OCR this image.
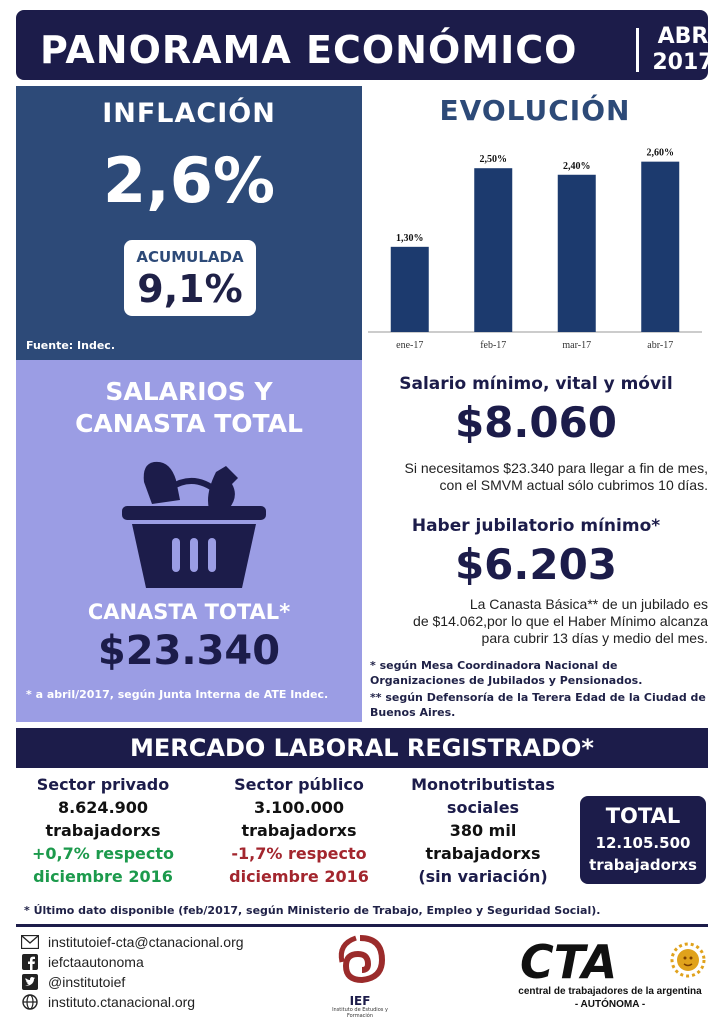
PANORAMA ECONÓMICO	ABR
2017
INFLACIÓN
2,6%
ACUMULADA
9,1%
Fuente: Indec.
EVOLUCIÓN
1,30%
ene-17
2,50%
feb-17
2,40%
mar-17
2,60%
abr-17
SALARIOS Y
CANASTA TOTAL
CANASTA TOTAL*
$23.340
* a abril/2017, según Junta Interna de ATE Indec.
Salario mínimo, vital y móvil
$8.060
Si necesitamos $23.340 para llegar a fin de mes,
con el SMVM actual sólo cubrimos 10 días.
Haber jubilatorio mínimo*
$6.203
La Canasta Básica** de un jubilado es
de $14.062,por lo que el Haber Mínimo alcanza
para cubrir 13 días y medio del mes.
* según Mesa Coordinadora Nacional de Organizaciones de Jubilados y Pensionados.
** según Defensoría de la Terera Edad de la Ciudad de Buenos Aires.
MERCADO LABORAL REGISTRADO*
Sector privado
8.624.900
trabajadorxs
+0,7% respecto
diciembre 2016
Sector público
3.100.000
trabajadorxs
-1,7% respecto
diciembre 2016
Monotributistas
sociales
380 mil
trabajadorxs
(sin variación)
TOTAL
12.105.500
trabajadorxs
* Último dato disponible (feb/2017, según Ministerio de Trabajo, Empleo y Seguridad Social).
institutoief-cta@ctanacional.org
iefctaautonoma
@institutoief
instituto.ctanacional.org	IEF
Instituto de Estudios y Formación
CTA
central de trabajadores de la argentina
- AUTÓNOMA -
